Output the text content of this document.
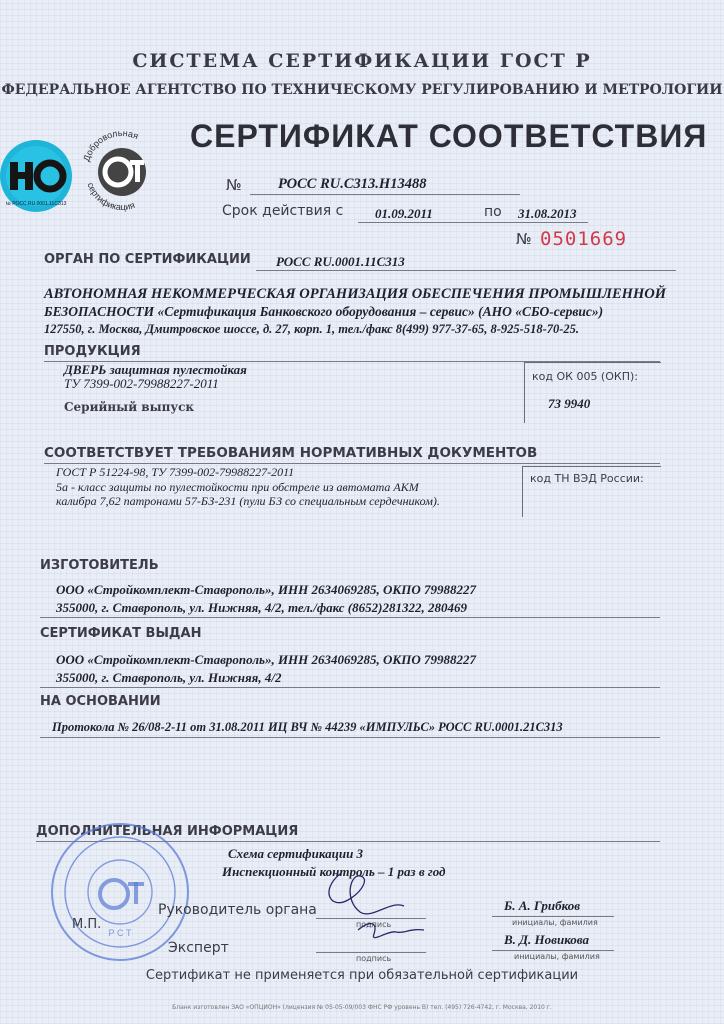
СИСТЕМА СЕРТИФИКАЦИИ ГОСТ Р
ФЕДЕРАЛЬНОЕ АГЕНТСТВО ПО ТЕХНИЧЕСКОМУ РЕГУЛИРОВАНИЮ И МЕТРОЛОГИИ
№ РОСС RU.0001.11СЗ13
Добровольная
сертификация
СЕРТИФИКАТ СООТВЕТСТВИЯ
№	РОСС RU.C313.H13488
Срок действия с 01.09.2011	по 31.08.2013
№ 0501669
ОРГАН ПО СЕРТИФИКАЦИИ РОСС RU.0001.11С313
АВТОНОМНАЯ НЕКОММЕРЧЕСКАЯ ОРГАНИЗАЦИЯ ОБЕСПЕЧЕНИЯ ПРОМЫШЛЕННОЙ
БЕЗОПАСНОСТИ «Сертификация Банковского оборудования – сервис» (АНО «СБО-сервис»)
127550, г. Москва, Дмитровское шоссе, д. 27, корп. 1, тел./факс 8(499) 977-37-65, 8-925-518-70-25.
ПРОДУКЦИЯ
ДВЕРЬ защитная пулестойкая
ТУ 7399-002-79988227-2011
Серийный выпуск
код ОК 005 (ОКП):
73 9940
СООТВЕТСТВУЕТ ТРЕБОВАНИЯМ НОРМАТИВНЫХ ДОКУМЕНТОВ
ГОСТ Р 51224-98, ТУ 7399-002-79988227-2011
5а - класс защиты по пулестойкости при обстреле из автомата АКМ
калибра 7,62 патронами 57-БЗ-231 (пули БЗ со специальным сердечником).
код ТН ВЭД России:
ИЗГОТОВИТЕЛЬ
ООО «Стройкомплект-Ставрополь», ИНН 2634069285, ОКПО 79988227
355000, г. Ставрополь, ул. Нижняя, 4/2, тел./факс (8652)281322, 280469
СЕРТИФИКАТ ВЫДАН
ООО «Стройкомплект-Ставрополь», ИНН 2634069285, ОКПО 79988227
355000, г. Ставрополь, ул. Нижняя, 4/2
НА ОСНОВАНИИ
Протокола № 26/08-2-11 от 31.08.2011 ИЦ ВЧ № 44239 «ИМПУЛЬС» РОСС RU.0001.21С313
ДОПОЛНИТЕЛЬНАЯ ИНФОРМАЦИЯ
Схема сертификации 3
Инспекционный контроль – 1 раз в год
Р С Т
М.П.
Руководитель органа
подпись
Б. А. Грибков
инициалы, фамилия
Эксперт
подпись
В. Д. Новикова
инициалы, фамилия
Сертификат не применяется при обязательной сертификации
Бланк изготовлен ЗАО «ОПЦИОН» (лицензия № 05-05-09/003 ФНС РФ уровень В) тел. (495) 726-4742, г. Москва, 2010 г.
